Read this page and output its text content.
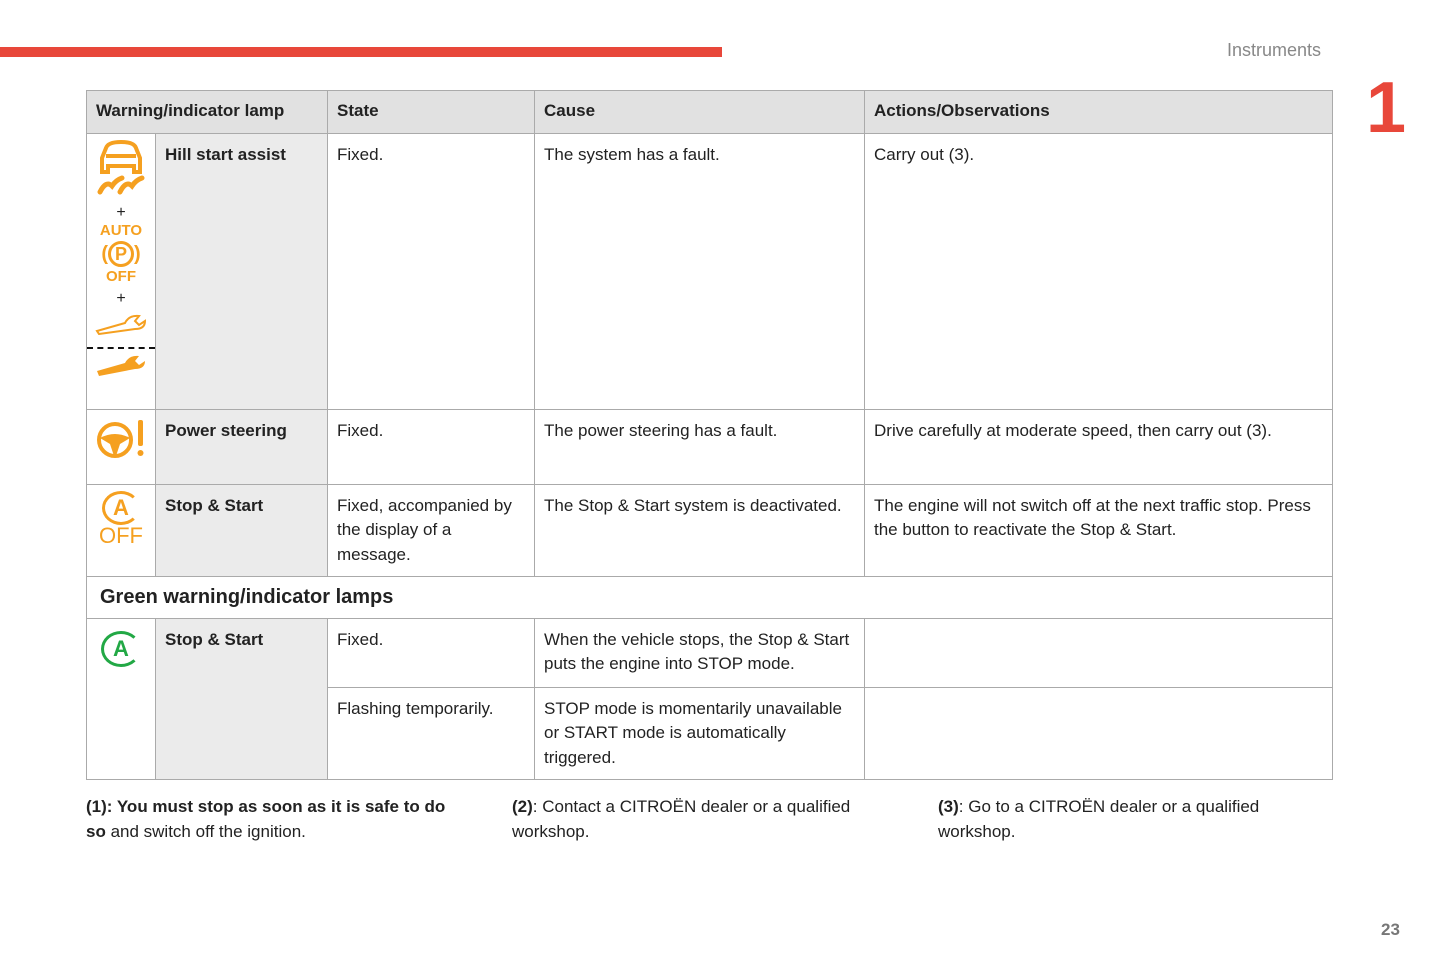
Instruments
1
Warning/indicator lamp		State	Cause	Actions/Observations

+
AUTO
( P )
OFF
+	Hill start assist	Fixed.	The system has a fault.	Carry out (3).
	Power steering	Fixed.	The power steering has a fault.	Drive carefully at moderate speed, then carry out (3).
A
OFF	Stop & Start	Fixed, accompanied by the display of a message.	The Stop & Start system is deactivated.	The engine will not switch off at the next traffic stop. Press the button to reactivate the Stop & Start.
Green warning/indicator lamps				
A	Stop & Start	Fixed.	When the vehicle stops, the Stop & Start puts the engine into STOP mode.	
		Flashing temporarily.	STOP mode is momentarily unavailable or START mode is automatically triggered.	
(1): You must stop as soon as it is safe to do so and switch off the ignition.
(2): Contact a CITROËN dealer or a qualified workshop.
(3): Go to a CITROËN dealer or a qualified workshop.
23
